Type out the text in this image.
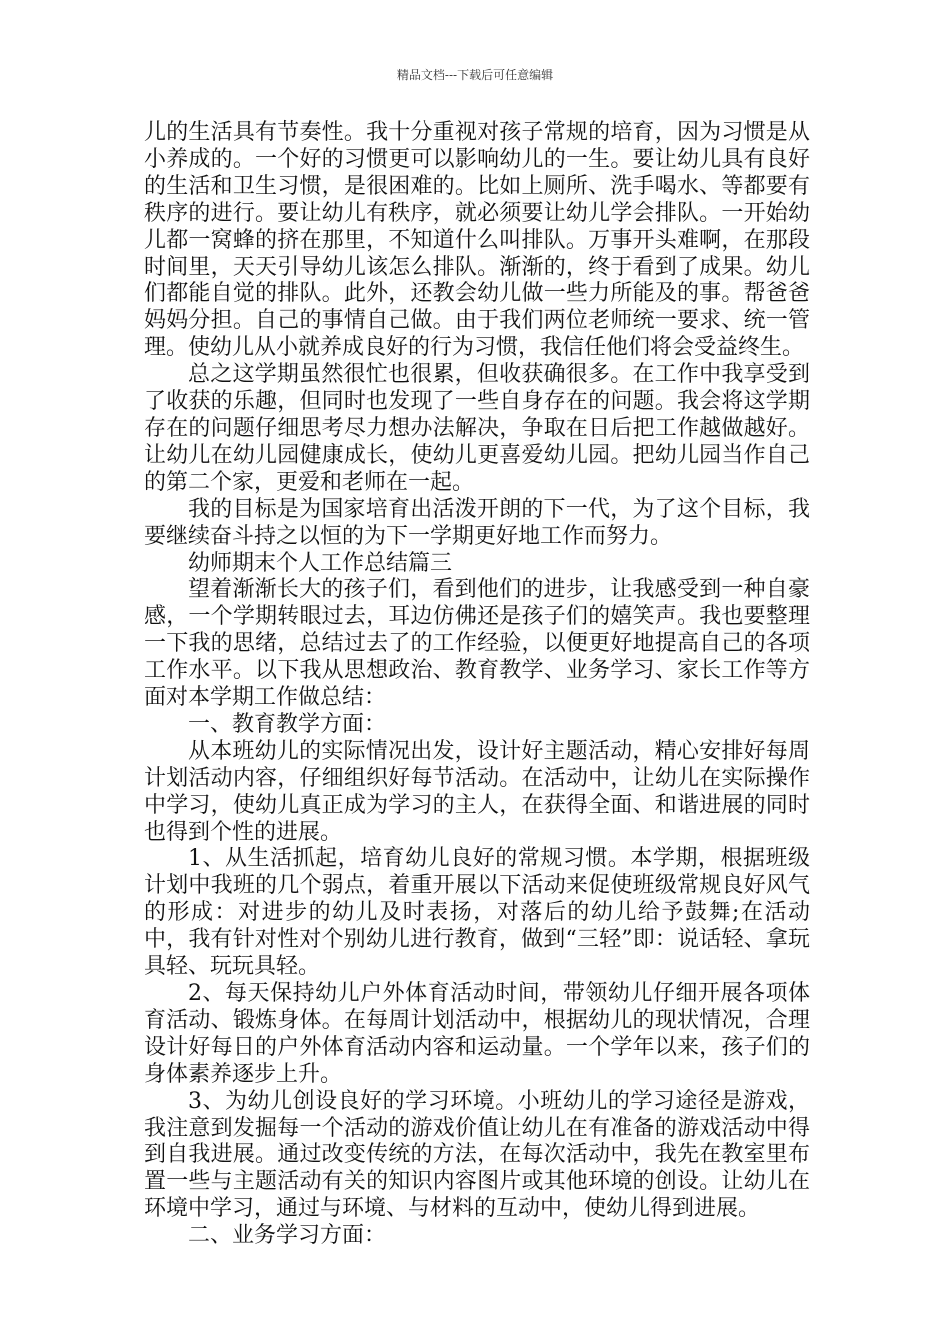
精品文档---下载后可任意编辑

儿的生活具有节奏性。我十分重视对孩子常规的培育，因为习惯是从小养成的。一个好的习惯更可以影响幼儿的一生。要让幼儿具有良好的生活和卫生习惯，是很困难的。比如上厕所、洗手喝水、等都要有秩序的进行。要让幼儿有秩序，就必须要让幼儿学会排队。一开始幼儿都一窝蜂的挤在那里，不知道什么叫排队。万事开头难啊，在那段时间里，天天引导幼儿该怎么排队。渐渐的，终于看到了成果。幼儿们都能自觉的排队。此外，还教会幼儿做一些力所能及的事。帮爸爸妈妈分担。自己的事情自己做。由于我们两位老师统一要求、统一管理。使幼儿从小就养成良好的行为习惯，我信任他们将会受益终生。

总之这学期虽然很忙也很累，但收获确很多。在工作中我享受到了收获的乐趣，但同时也发现了一些自身存在的问题。我会将这学期存在的问题仔细思考尽力想办法解决，争取在日后把工作越做越好。让幼儿在幼儿园健康成长，使幼儿更喜爱幼儿园。把幼儿园当作自己的第二个家，更爱和老师在一起。

我的目标是为国家培育出活泼开朗的下一代，为了这个目标，我要继续奋斗持之以恒的为下一学期更好地工作而努力。

幼师期末个人工作总结篇三

望着渐渐长大的孩子们，看到他们的进步，让我感受到一种自豪感，一个学期转眼过去，耳边仿佛还是孩子们的嬉笑声。我也要整理一下我的思绪，总结过去了的工作经验，以便更好地提高自己的各项工作水平。以下我从思想政治、教育教学、业务学习、家长工作等方面对本学期工作做总结：

一、教育教学方面：

从本班幼儿的实际情况出发，设计好主题活动，精心安排好每周计划活动内容，仔细组织好每节活动。在活动中，让幼儿在实际操作中学习，使幼儿真正成为学习的主人，在获得全面、和谐进展的同时也得到个性的进展。

1、从生活抓起，培育幼儿良好的常规习惯。本学期，根据班级计划中我班的几个弱点，着重开展以下活动来促使班级常规良好风气的形成：对进步的幼儿及时表扬，对落后的幼儿给予鼓舞;在活动中，我有针对性对个别幼儿进行教育，做到“三轻”即：说话轻、拿玩具轻、玩玩具轻。

2、每天保持幼儿户外体育活动时间，带领幼儿仔细开展各项体育活动、锻炼身体。在每周计划活动中，根据幼儿的现状情况，合理设计好每日的户外体育活动内容和运动量。一个学年以来，孩子们的身体素养逐步上升。

3、为幼儿创设良好的学习环境。小班幼儿的学习途径是游戏，我注意到发掘每一个活动的游戏价值让幼儿在有准备的游戏活动中得到自我进展。通过改变传统的方法，在每次活动中，我先在教室里布置一些与主题活动有关的知识内容图片或其他环境的创设。让幼儿在环境中学习，通过与环境、与材料的互动中，使幼儿得到进展。

二、业务学习方面：
